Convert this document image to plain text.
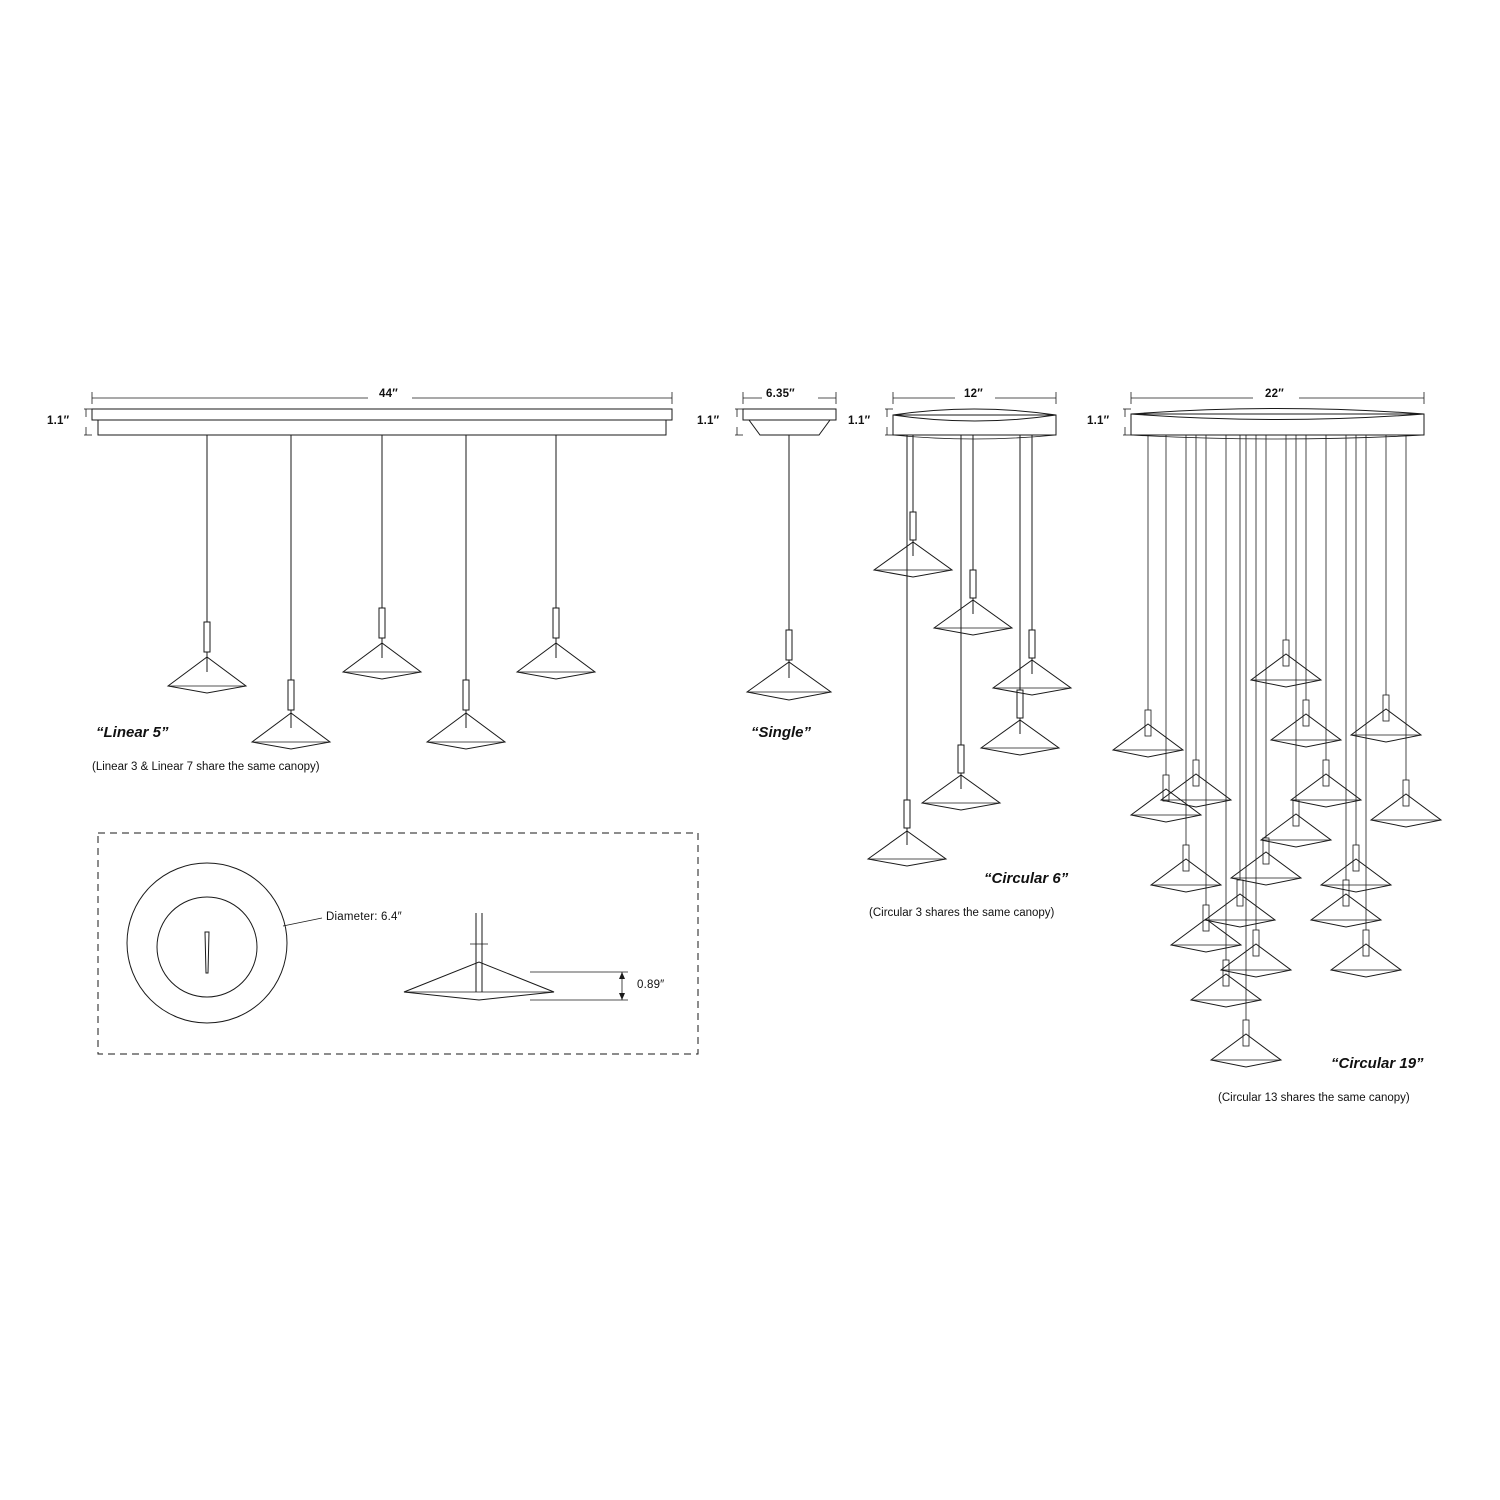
44″
1.1″
“Linear 5”
(Linear 3 & Linear 7 share the same canopy)
Diameter: 6.4″
0.89″
6.35″
1.1″
“Single”
12″
1.1″
“Circular 6”
(Circular 3 shares the same canopy)
22″
1.1″
“Circular 19”
(Circular 13 shares the same canopy)
